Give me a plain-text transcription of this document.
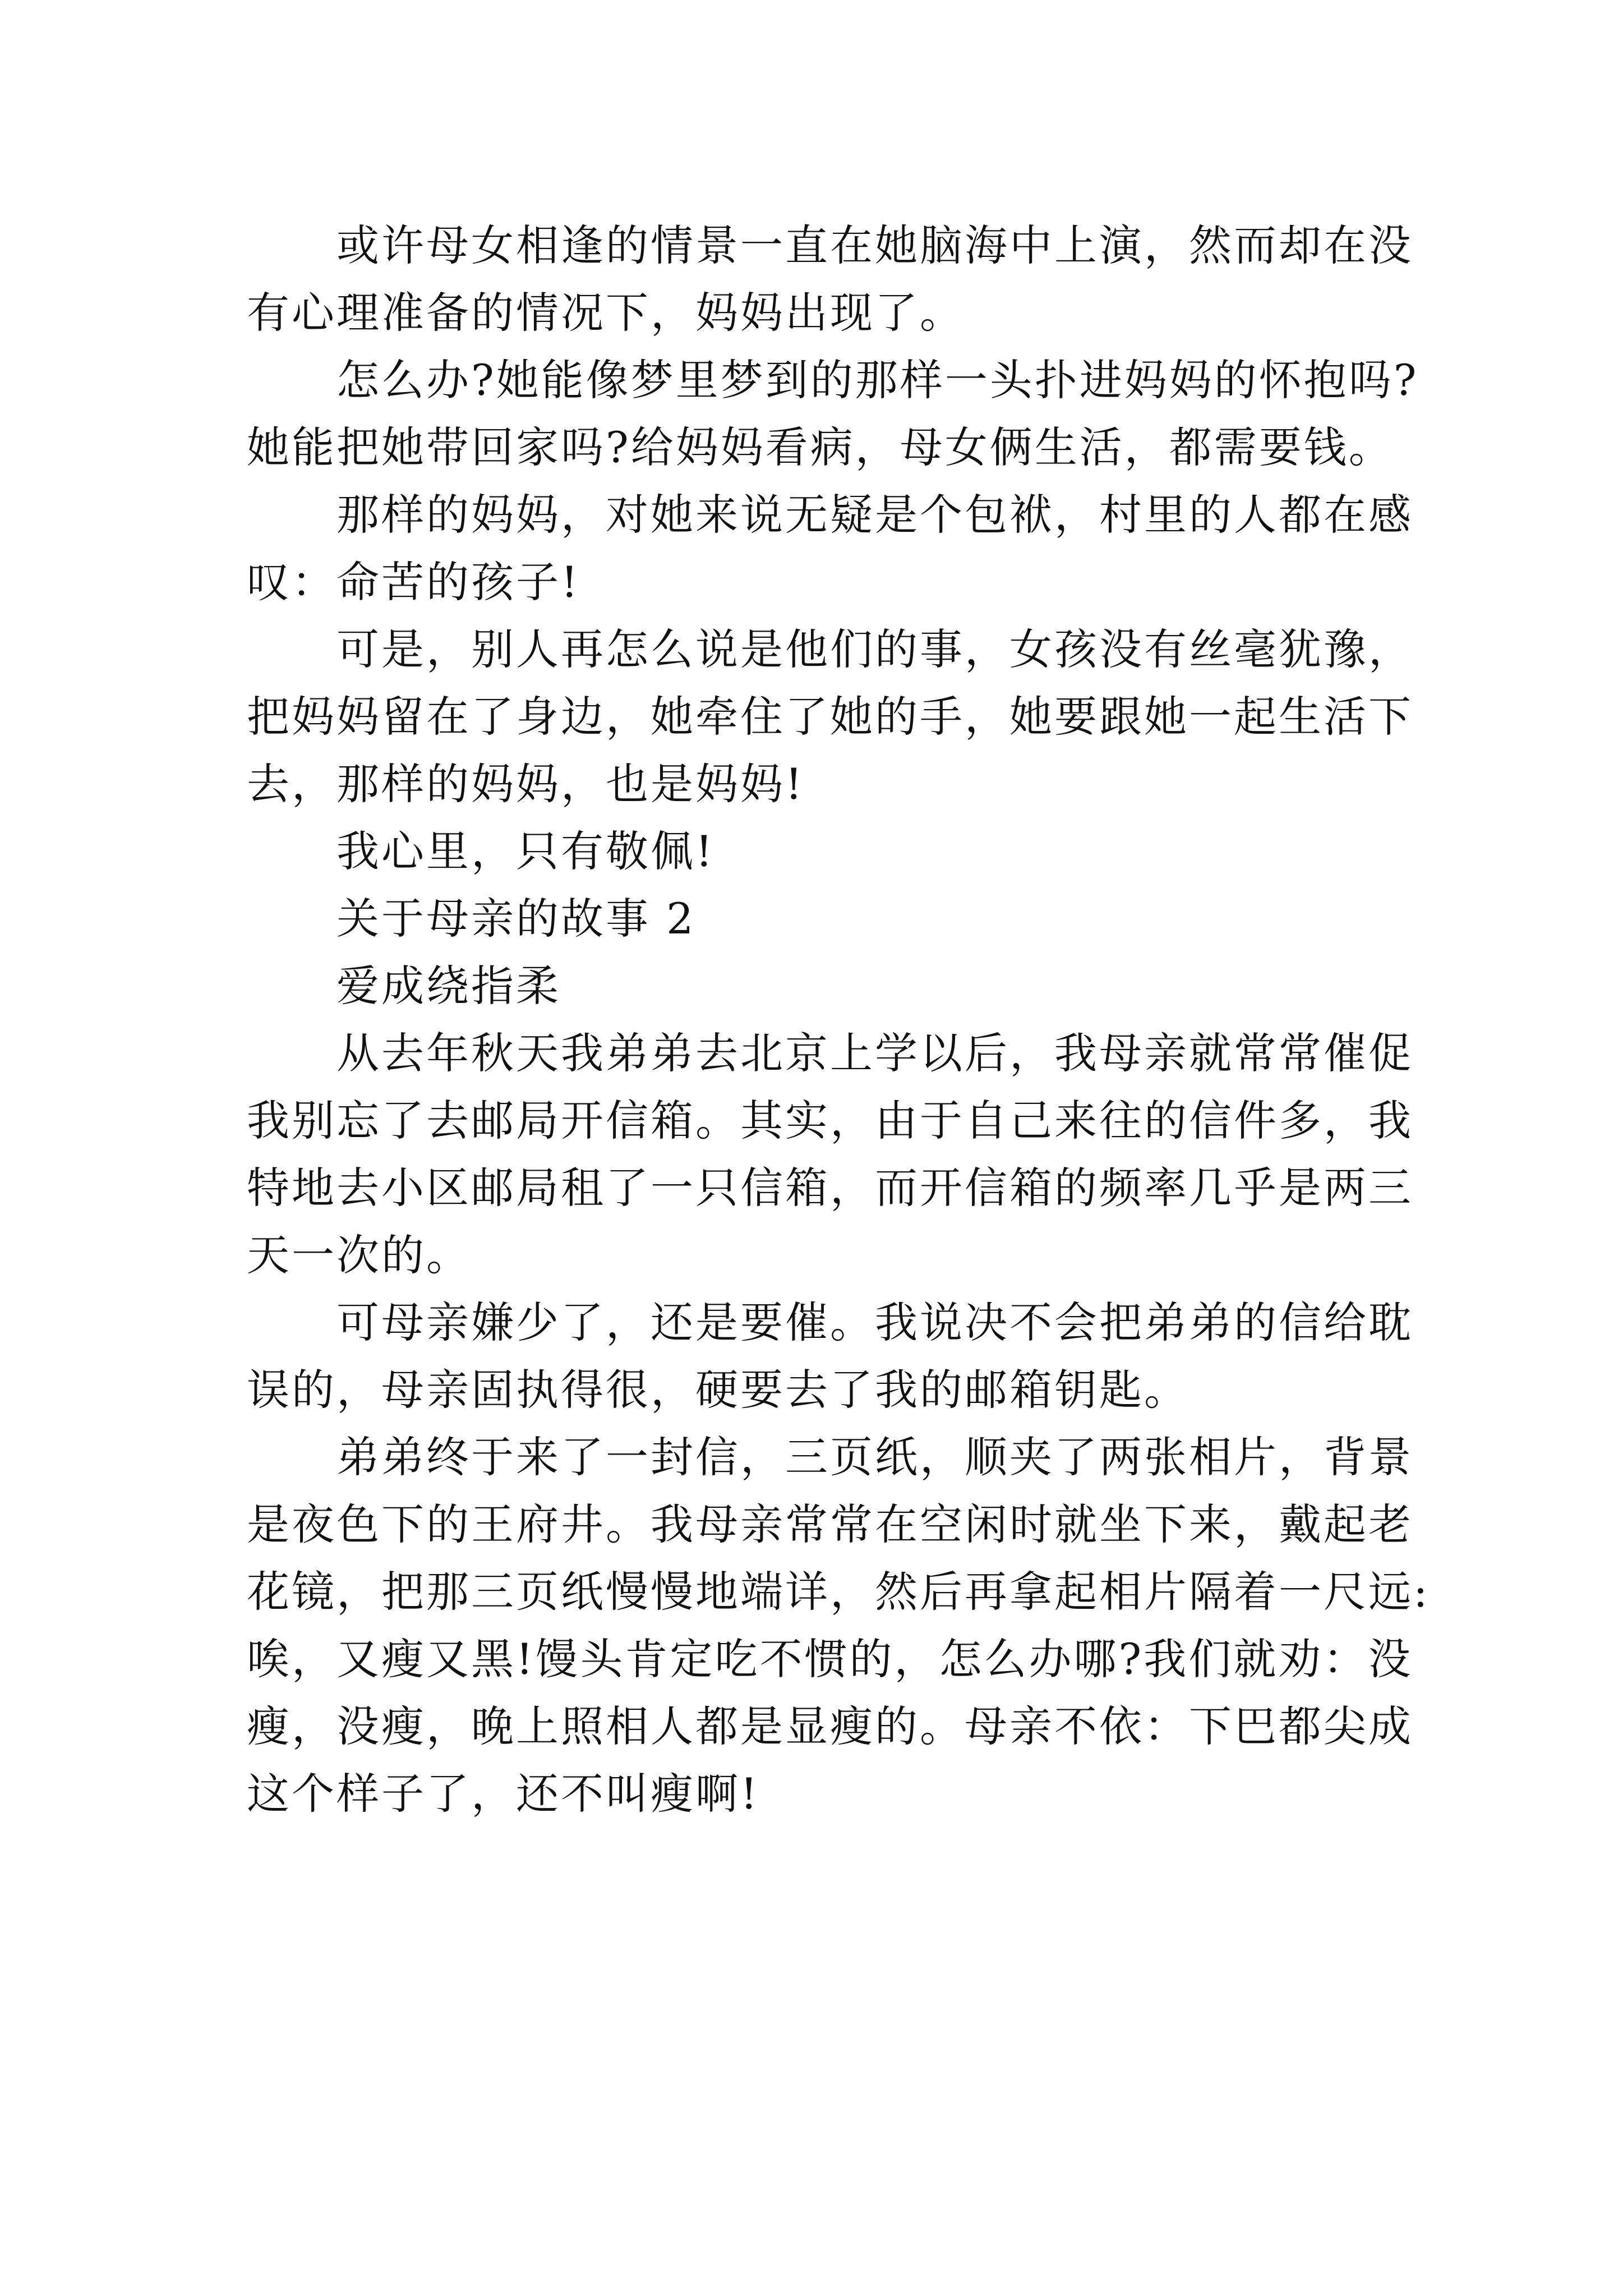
或许母女相逢的情景一直在她脑海中上演，然而却在没
有心理准备的情况下，妈妈出现了。
怎么办?她能像梦里梦到的那样一头扑进妈妈的怀抱吗?
她能把她带回家吗?给妈妈看病，母女俩生活，都需要钱。
那样的妈妈，对她来说无疑是个包袱，村里的人都在感
叹：命苦的孩子!
可是，别人再怎么说是他们的事，女孩没有丝毫犹豫，
把妈妈留在了身边，她牵住了她的手，她要跟她一起生活下
去，那样的妈妈，也是妈妈!
我心里，只有敬佩!
关于母亲的故事 2
爱成绕指柔
从去年秋天我弟弟去北京上学以后，我母亲就常常催促
我别忘了去邮局开信箱。其实，由于自己来往的信件多，我
特地去小区邮局租了一只信箱，而开信箱的频率几乎是两三
天一次的。
可母亲嫌少了，还是要催。我说决不会把弟弟的信给耽
误的，母亲固执得很，硬要去了我的邮箱钥匙。
弟弟终于来了一封信，三页纸，顺夹了两张相片，背景
是夜色下的王府井。我母亲常常在空闲时就坐下来，戴起老
花镜，把那三页纸慢慢地端详，然后再拿起相片隔着一尺远:
唉，又瘦又黑!馒头肯定吃不惯的，怎么办哪?我们就劝：没
瘦，没瘦，晚上照相人都是显瘦的。母亲不依：下巴都尖成
这个样子了，还不叫瘦啊!
